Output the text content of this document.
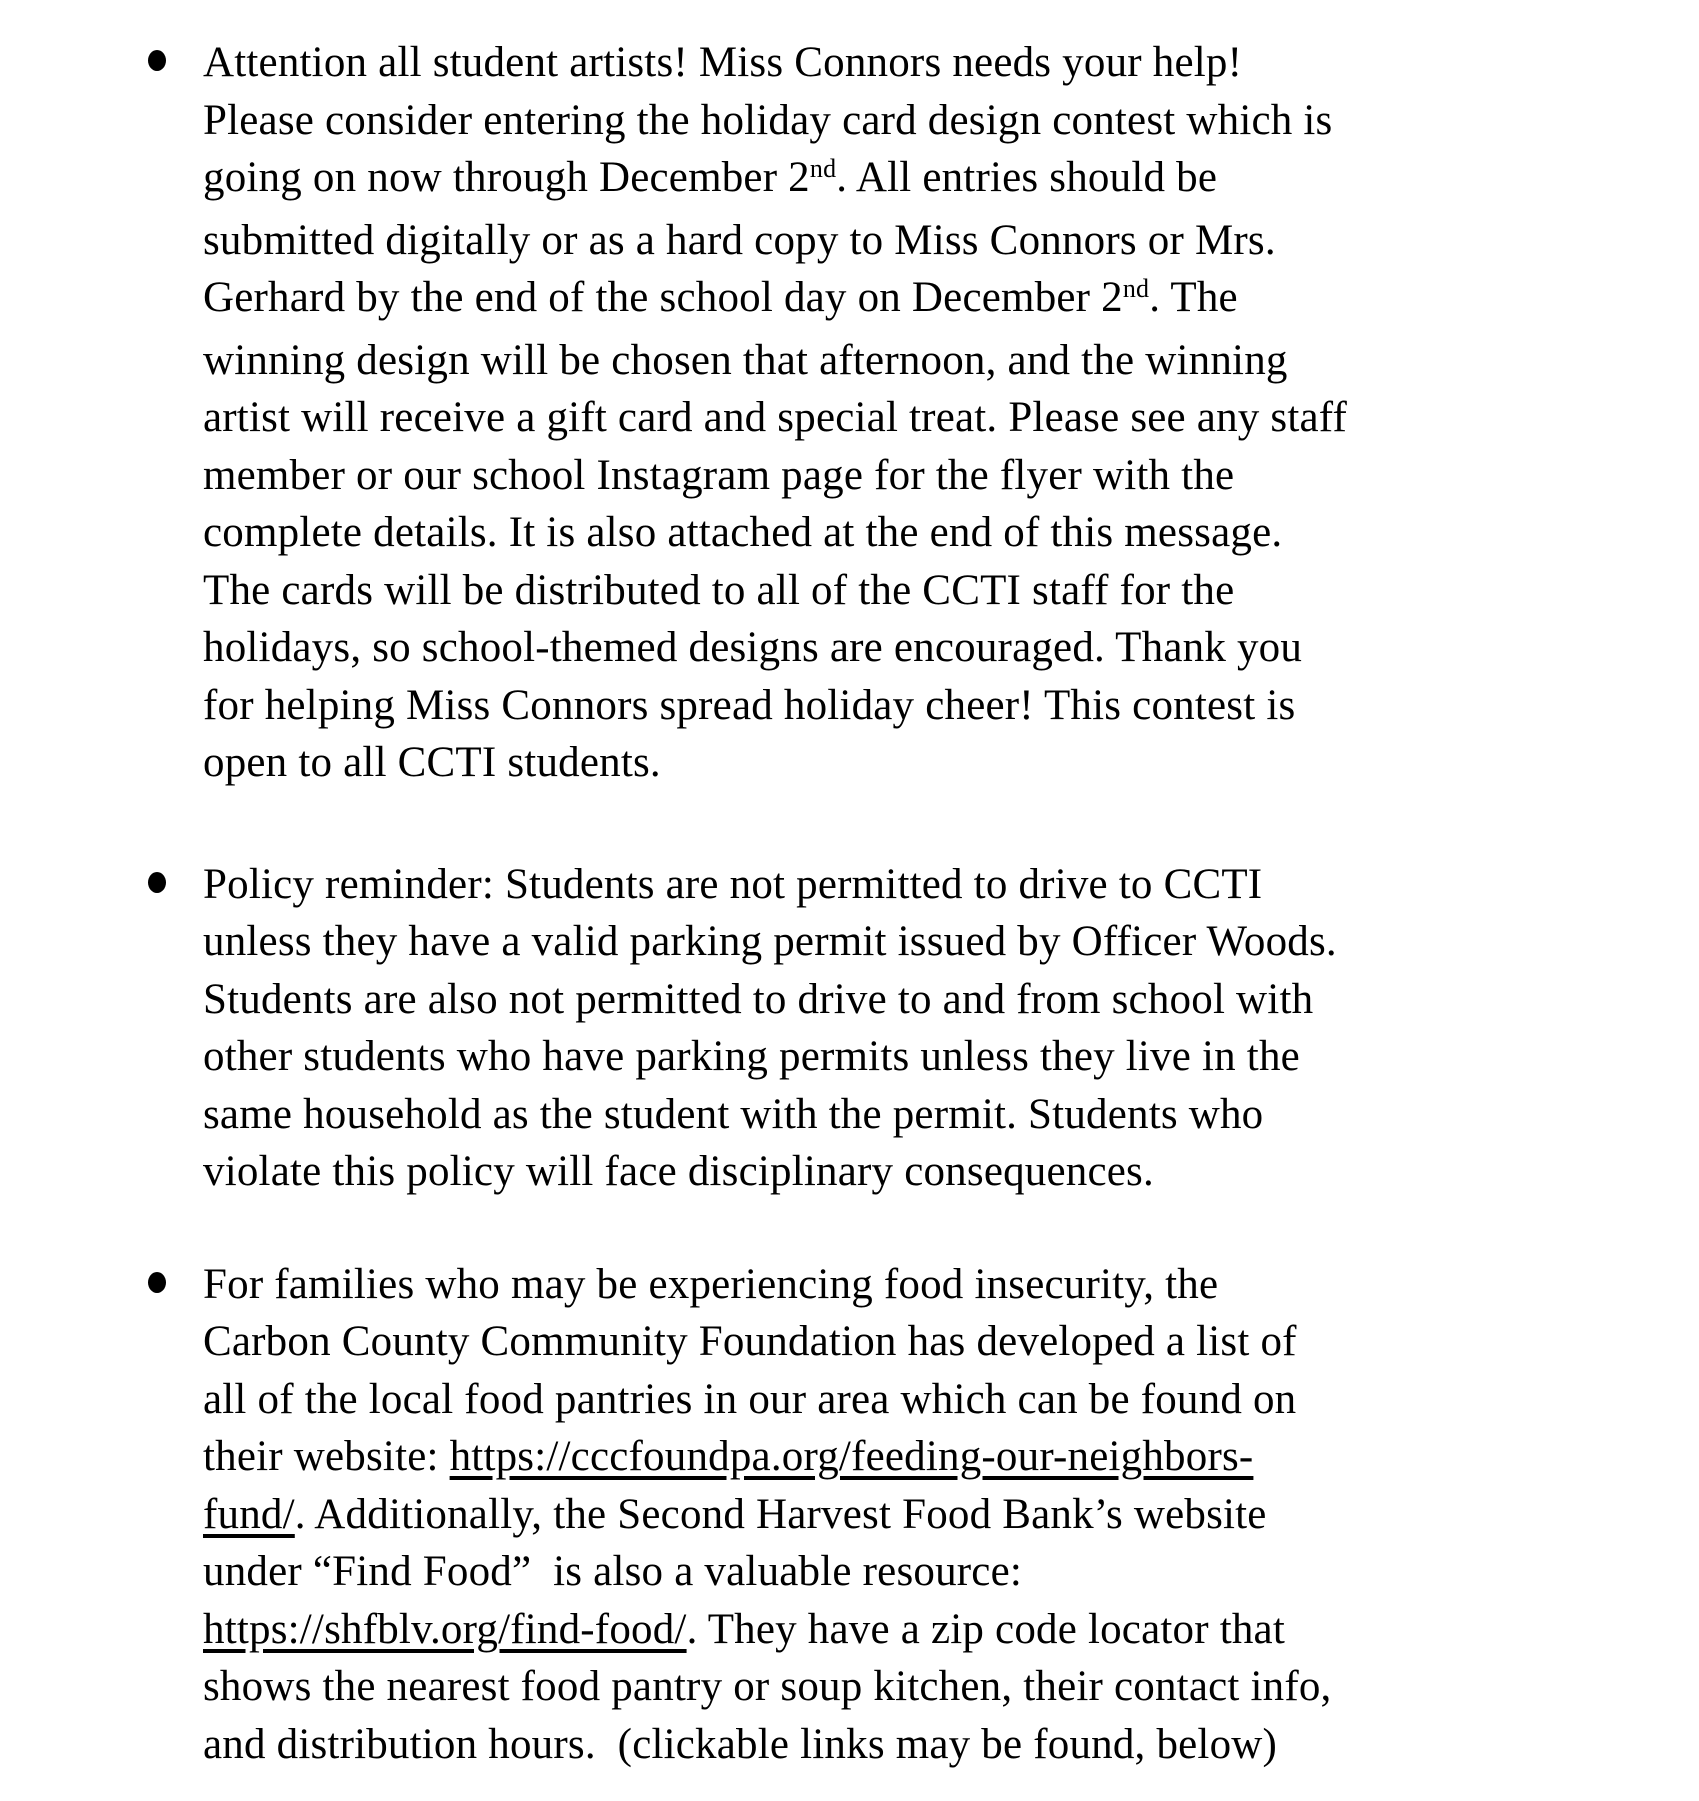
Attention all student artists! Miss Connors needs your help!
Please consider entering the holiday card design contest which is
going on now through December 2nd. All entries should be
submitted digitally or as a hard copy to Miss Connors or Mrs.
Gerhard by the end of the school day on December 2nd. The
winning design will be chosen that afternoon, and the winning
artist will receive a gift card and special treat. Please see any staff
member or our school Instagram page for the flyer with the
complete details. It is also attached at the end of this message.
The cards will be distributed to all of the CCTI staff for the
holidays, so school-themed designs are encouraged. Thank you
for helping Miss Connors spread holiday cheer! This contest is
open to all CCTI students.
Policy reminder: Students are not permitted to drive to CCTI
unless they have a valid parking permit issued by Officer Woods.
Students are also not permitted to drive to and from school with
other students who have parking permits unless they live in the
same household as the student with the permit. Students who
violate this policy will face disciplinary consequences.
For families who may be experiencing food insecurity, the
Carbon County Community Foundation has developed a list of
all of the local food pantries in our area which can be found on
their website: https://cccfoundpa.org/feeding-our-neighbors-
fund/. Additionally, the Second Harvest Food Bank’s website
under “Find Food”  is also a valuable resource:
https://shfblv.org/find-food/. They have a zip code locator that
shows the nearest food pantry or soup kitchen, their contact info,
and distribution hours.  (clickable links may be found, below)
